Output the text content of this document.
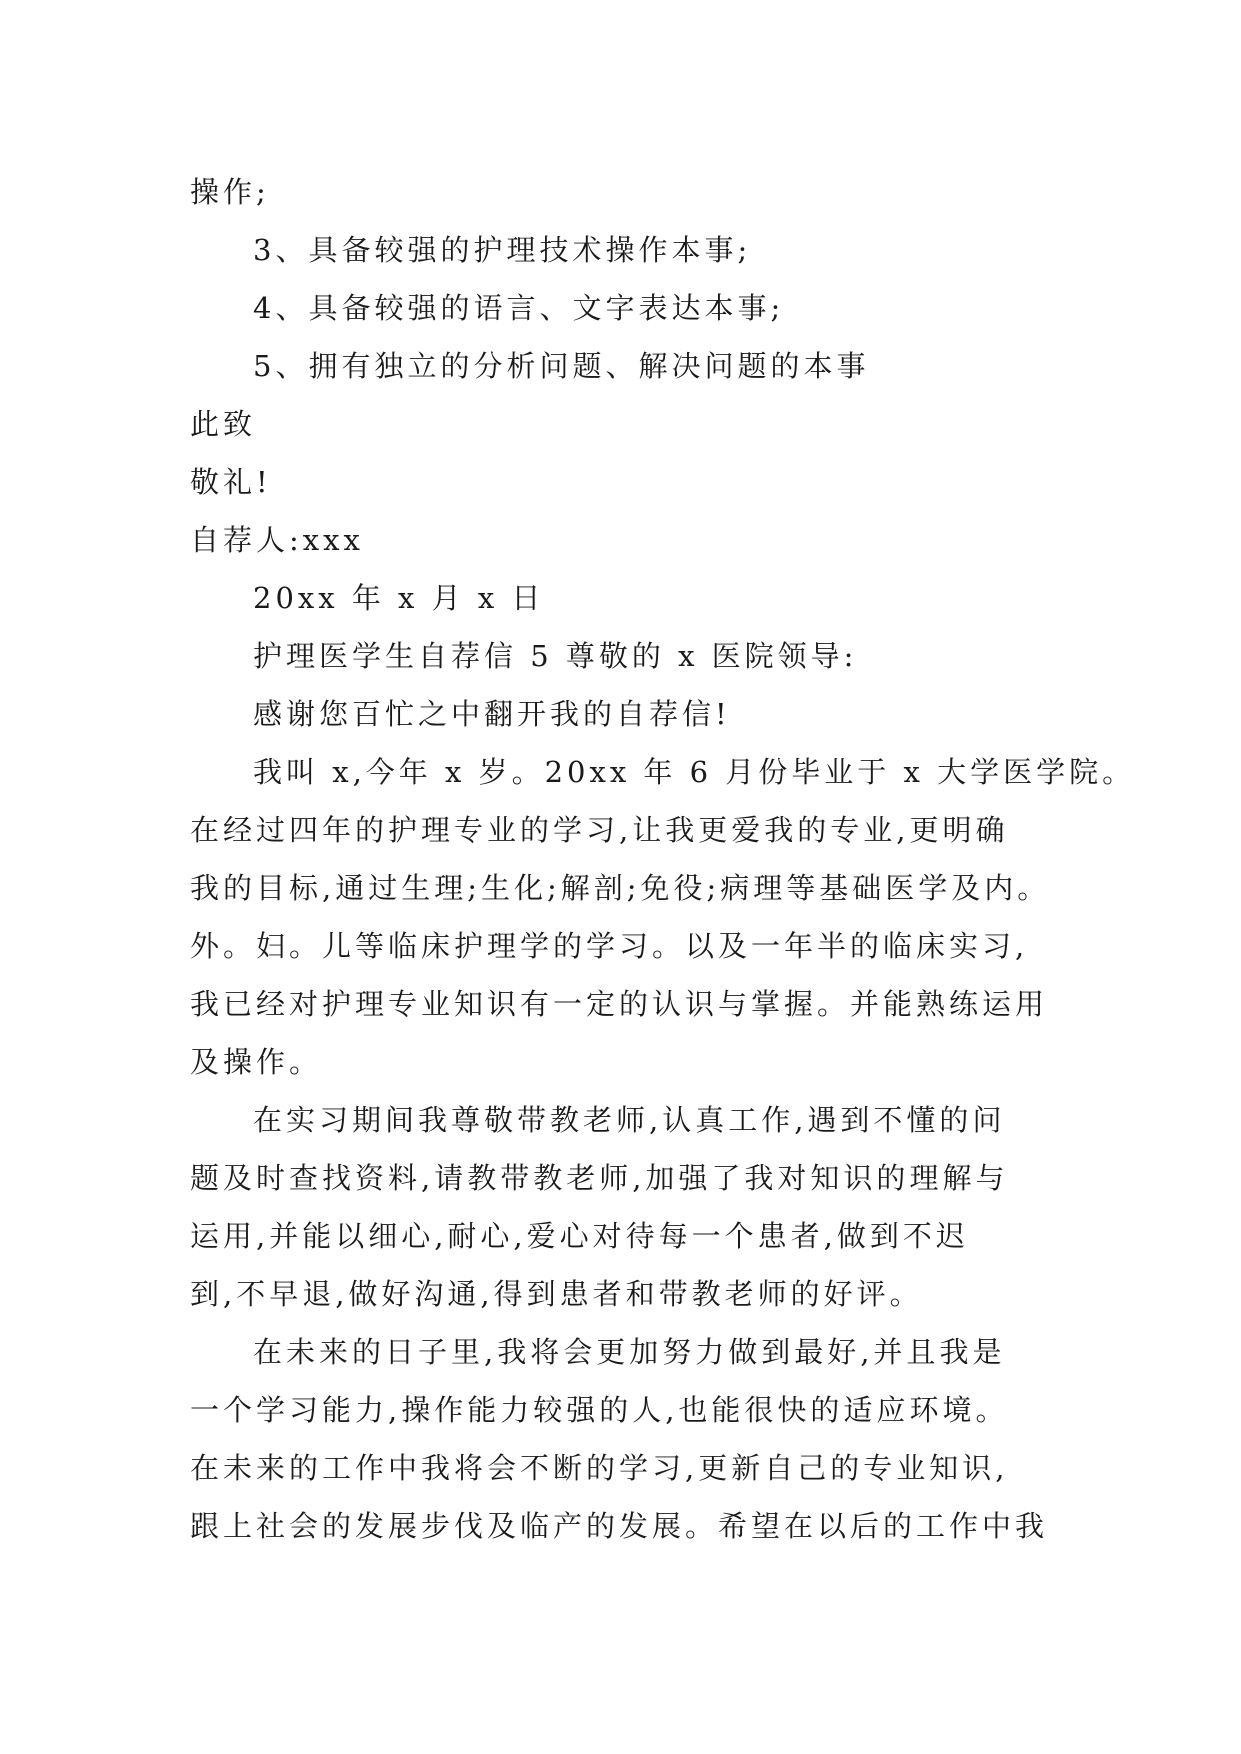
操作;
3、具备较强的护理技术操作本事;
4、具备较强的语言、文字表达本事;
5、拥有独立的分析问题、解决问题的本事
此致
敬礼!
自荐人:xxx
20xx 年 x 月 x 日
护理医学生自荐信 5 尊敬的 x 医院领导:
感谢您百忙之中翻开我的自荐信!
我叫 x,今年 x 岁。20xx 年 6 月份毕业于 x 大学医学院。
在经过四年的护理专业的学习,让我更爱我的专业,更明确
我的目标,通过生理;生化;解剖;免役;病理等基础医学及内。
外。妇。儿等临床护理学的学习。以及一年半的临床实习,
我已经对护理专业知识有一定的认识与掌握。并能熟练运用
及操作。
在实习期间我尊敬带教老师,认真工作,遇到不懂的问
题及时查找资料,请教带教老师,加强了我对知识的理解与
运用,并能以细心,耐心,爱心对待每一个患者,做到不迟
到,不早退,做好沟通,得到患者和带教老师的好评。
在未来的日子里,我将会更加努力做到最好,并且我是
一个学习能力,操作能力较强的人,也能很快的适应环境。
在未来的工作中我将会不断的学习,更新自己的专业知识,
跟上社会的发展步伐及临产的发展。希望在以后的工作中我
